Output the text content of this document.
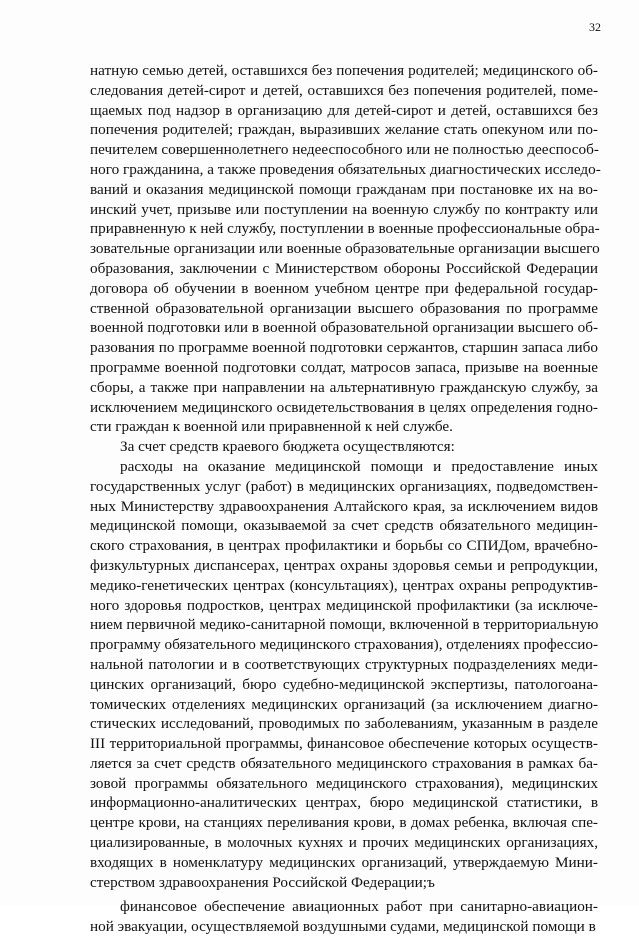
32
натную семью детей, оставшихся без попечения родителей; медицинского об-
следования детей-сирот и детей, оставшихся без попечения родителей, поме-
щаемых под надзор в организацию для детей-сирот и детей, оставшихся без
попечения родителей; граждан, выразивших желание стать опекуном или по-
печителем совершеннолетнего недееспособного или не полностью дееспособ-
ного гражданина, а также проведения обязательных диагностических исследо-
ваний и оказания медицинской помощи гражданам при постановке их на во-
инский учет, призыве или поступлении на военную службу по контракту или
приравненную к ней службу, поступлении в военные профессиональные обра-
зовательные организации или военные образовательные организации высшего
образования, заключении с Министерством обороны Российской Федерации
договора об обучении в военном учебном центре при федеральной государ-
ственной образовательной организации высшего образования по программе
военной подготовки или в военной образовательной организации высшего об-
разования по программе военной подготовки сержантов, старшин запаса либо
программе военной подготовки солдат, матросов запаса, призыве на военные
сборы, а также при направлении на альтернативную гражданскую службу, за
исключением медицинского освидетельствования в целях определения годно-
сти граждан к военной или приравненной к ней службе.
За счет средств краевого бюджета осуществляются:
расходы на оказание медицинской помощи и предоставление иных
государственных услуг (работ) в медицинских организациях, подведомствен-
ных Министерству здравоохранения Алтайского края, за исключением видов
медицинской помощи, оказываемой за счет средств обязательного медицин-
ского страхования, в центрах профилактики и борьбы со СПИДом, врачебно-
физкультурных диспансерах, центрах охраны здоровья семьи и репродукции,
медико-генетических центрах (консультациях), центрах охраны репродуктив-
ного здоровья подростков, центрах медицинской профилактики (за исключе-
нием первичной медико-санитарной помощи, включенной в территориальную
программу обязательного медицинского страхования), отделениях профессио-
нальной патологии и в соответствующих структурных подразделениях меди-
цинских организаций, бюро судебно-медицинской экспертизы, патологоана-
томических отделениях медицинских организаций (за исключением диагно-
стических исследований, проводимых по заболеваниям, указанным в разделе
III территориальной программы, финансовое обеспечение которых осуществ-
ляется за счет средств обязательного медицинского страхования в рамках ба-
зовой программы обязательного медицинского страхования), медицинских
информационно-аналитических центрах, бюро медицинской статистики, в
центре крови, на станциях переливания крови, в домах ребенка, включая спе-
циализированные, в молочных кухнях и прочих медицинских организациях,
входящих в номенклатуру медицинских организаций, утверждаемую Мини-
стерством здравоохранения Российской Федерации;ъ
финансовое обеспечение авиационных работ при санитарно-авиацион-
ной эвакуации, осуществляемой воздушными судами, медицинской помощи в
